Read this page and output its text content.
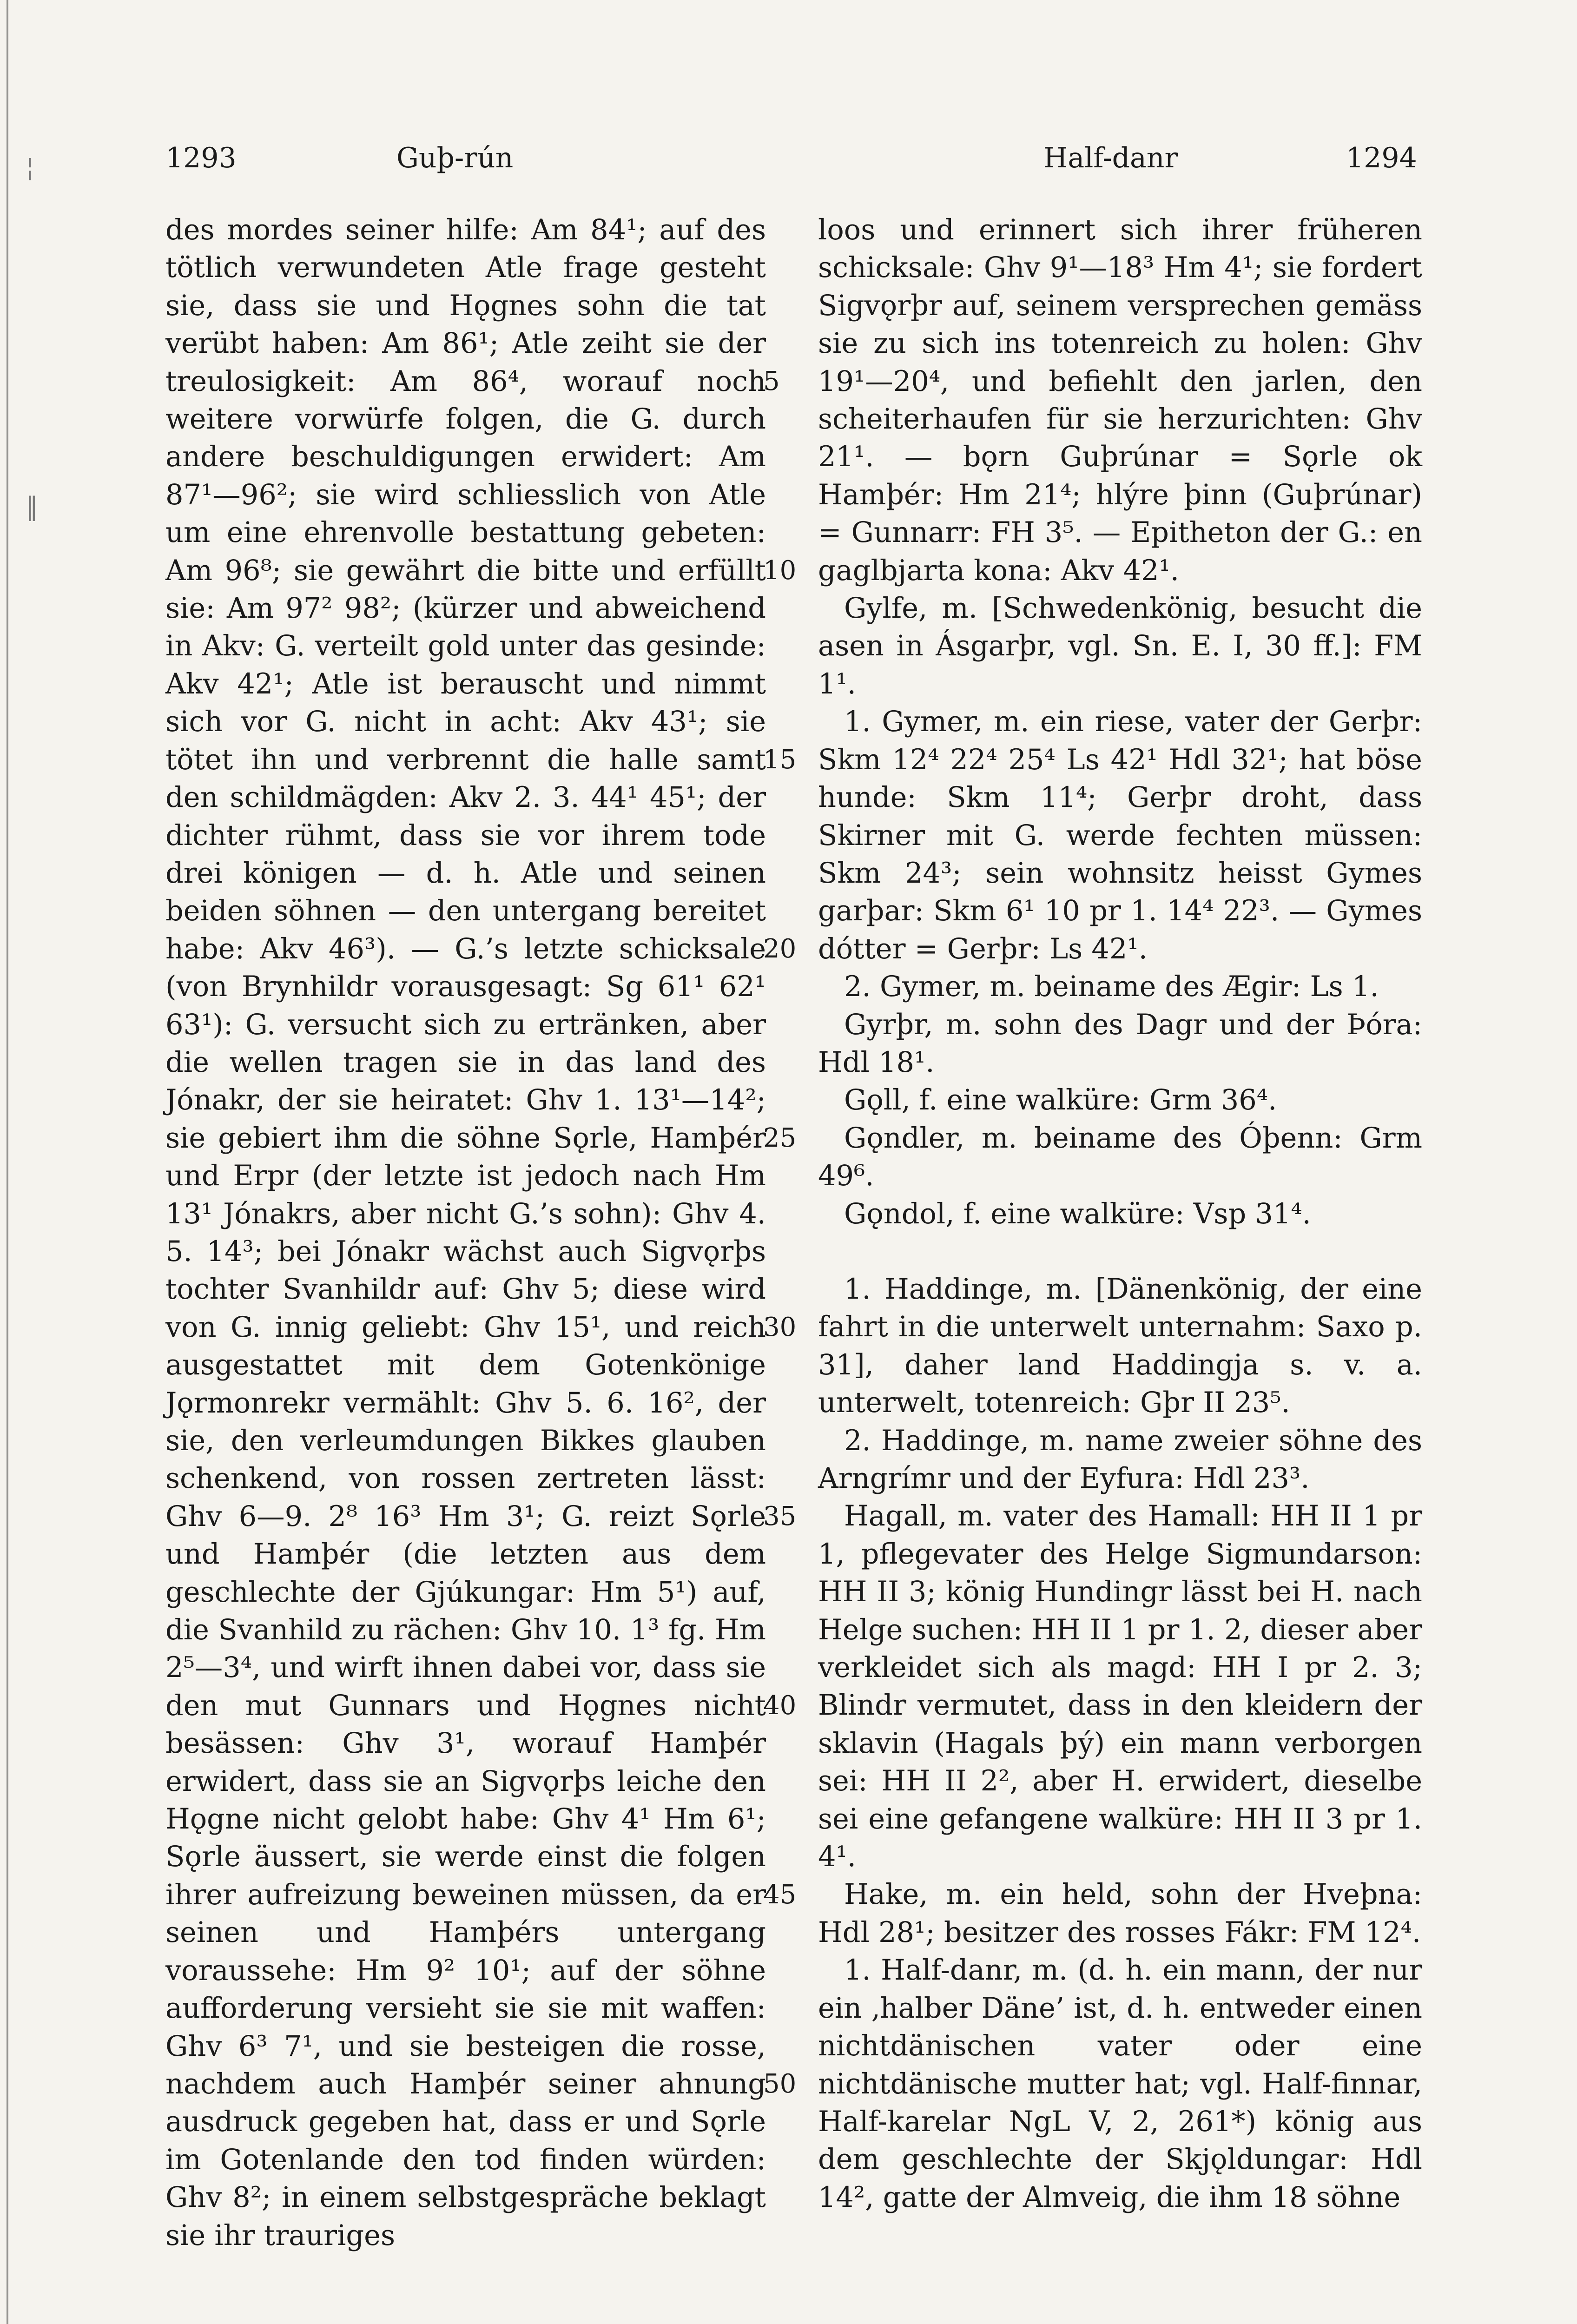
¦
‖
1293	Guþ-rún	Half-danr	1294

des mordes seiner hilfe: Am 84¹; auf des tötlich verwundeten Atle frage gesteht sie, dass sie und Hǫgnes sohn die tat verübt haben: Am 86¹; Atle zeiht sie der treulosigkeit: Am 86⁴, worauf noch weitere vorwürfe folgen, die G. durch andere beschuldigungen erwidert: Am 87¹—96²; sie wird schliesslich von Atle um eine ehrenvolle bestattung gebeten: Am 96⁸; sie gewährt die bitte und erfüllt sie: Am 97² 98²; (kürzer und abweichend in Akv: G. verteilt gold unter das gesinde: Akv 42¹; Atle ist berauscht und nimmt sich vor G. nicht in acht: Akv 43¹; sie tötet ihn und verbrennt die halle samt den schildmägden: Akv 2. 3. 44¹ 45¹; der dichter rühmt, dass sie vor ihrem tode drei königen — d. h. Atle und seinen beiden söhnen — den untergang bereitet habe: Akv 46³). — G.’s letzte schicksale (von Brynhildr vorausgesagt: Sg 61¹ 62¹ 63¹): G. versucht sich zu ertränken, aber die wellen tragen sie in das land des Jónakr, der sie heiratet: Ghv 1. 13¹—14²; sie gebiert ihm die söhne Sǫrle, Hamþér und Erpr (der letzte ist jedoch nach Hm 13¹ Jónakrs, aber nicht G.’s sohn): Ghv 4. 5. 14³; bei Jónakr wächst auch Sigvǫrþs tochter Svanhildr auf: Ghv 5; diese wird von G. innig geliebt: Ghv 15¹, und reich ausgestattet mit dem Gotenkönige Jǫrmonrekr vermählt: Ghv 5. 6. 16², der sie, den verleumdungen Bikkes glauben schenkend, von rossen zertreten lässt: Ghv 6—9. 2⁸ 16³ Hm 3¹; G. reizt Sǫrle und Hamþér (die letzten aus dem geschlechte der Gjúkungar: Hm 5¹) auf, die Svanhild zu rächen: Ghv 10. 1³ fg. Hm 2⁵—3⁴, und wirft ihnen dabei vor, dass sie den mut Gunnars und Hǫgnes nicht besässen: Ghv 3¹, worauf Hamþér erwidert, dass sie an Sigvǫrþs leiche den Hǫgne nicht gelobt habe: Ghv 4¹ Hm 6¹; Sǫrle äussert, sie werde einst die folgen ihrer aufreizung beweinen müssen, da er seinen und Hamþérs untergang voraussehe: Hm 9² 10¹; auf der söhne aufforderung versieht sie sie mit waffen: Ghv 6³ 7¹, und sie besteigen die rosse, nachdem auch Hamþér seiner ahnung ausdruck gegeben hat, dass er und Sǫrle im Gotenlande den tod finden würden: Ghv 8²; in einem selbstgespräche beklagt sie ihr trauriges

5
10
15
20
25
30
35
40
45
50

loos und erinnert sich ihrer früheren schicksale: Ghv 9¹—18³ Hm 4¹; sie fordert Sigvǫrþr auf, seinem versprechen gemäss sie zu sich ins totenreich zu holen: Ghv 19¹—20⁴, und befiehlt den jarlen, den scheiterhaufen für sie herzurichten: Ghv 21¹. — bǫrn Guþrúnar = Sǫrle ok Hamþér: Hm 21⁴; hlýre þinn (Guþrúnar) = Gunnarr: FH 3⁵. — Epitheton der G.: en gaglbjarta kona: Akv 42¹.

Gylfe, m. [Schwedenkönig, besucht die asen in Ásgarþr, vgl. Sn. E. I, 30 ff.]: FM 1¹.

1. Gymer, m. ein riese, vater der Gerþr: Skm 12⁴ 22⁴ 25⁴ Ls 42¹ Hdl 32¹; hat böse hunde: Skm 11⁴; Gerþr droht, dass Skirner mit G. werde fechten müssen: Skm 24³; sein wohnsitz heisst Gymes garþar: Skm 6¹ 10 pr 1. 14⁴ 22³. — Gymes dótter = Gerþr: Ls 42¹.

2. Gymer, m. beiname des Ægir: Ls 1.

Gyrþr, m. sohn des Dagr und der Þóra: Hdl 18¹.

Gǫll, f. eine walküre: Grm 36⁴.

Gǫndler, m. beiname des Óþenn: Grm 49⁶.

Gǫndol, f. eine walküre: Vsp 31⁴.

1. Haddinge, m. [Dänenkönig, der eine fahrt in die unterwelt unternahm: Saxo p. 31], daher land Haddingja s. v. a. unterwelt, totenreich: Gþr II 23⁵.

2. Haddinge, m. name zweier söhne des Arngrímr und der Eyfura: Hdl 23³.

Hagall, m. vater des Hamall: HH II 1 pr 1, pflegevater des Helge Sigmundarson: HH II 3; könig Hundingr lässt bei H. nach Helge suchen: HH II 1 pr 1. 2, dieser aber verkleidet sich als magd: HH I pr 2. 3; Blindr vermutet, dass in den kleidern der sklavin (Hagals þý) ein mann verborgen sei: HH II 2², aber H. erwidert, dieselbe sei eine gefangene walküre: HH II 3 pr 1. 4¹.

Hake, m. ein held, sohn der Hveþna: Hdl 28¹; besitzer des rosses Fákr: FM 12⁴.

1. Half-danr, m. (d. h. ein mann, der nur ein ‚halber Däne’ ist, d. h. entweder einen nichtdänischen vater oder eine nichtdänische mutter hat; vgl. Half-finnar, Half-karelar NgL V, 2, 261*) könig aus dem geschlechte der Skjǫldungar: Hdl 14², gatte der Almveig, die ihm 18 söhne
